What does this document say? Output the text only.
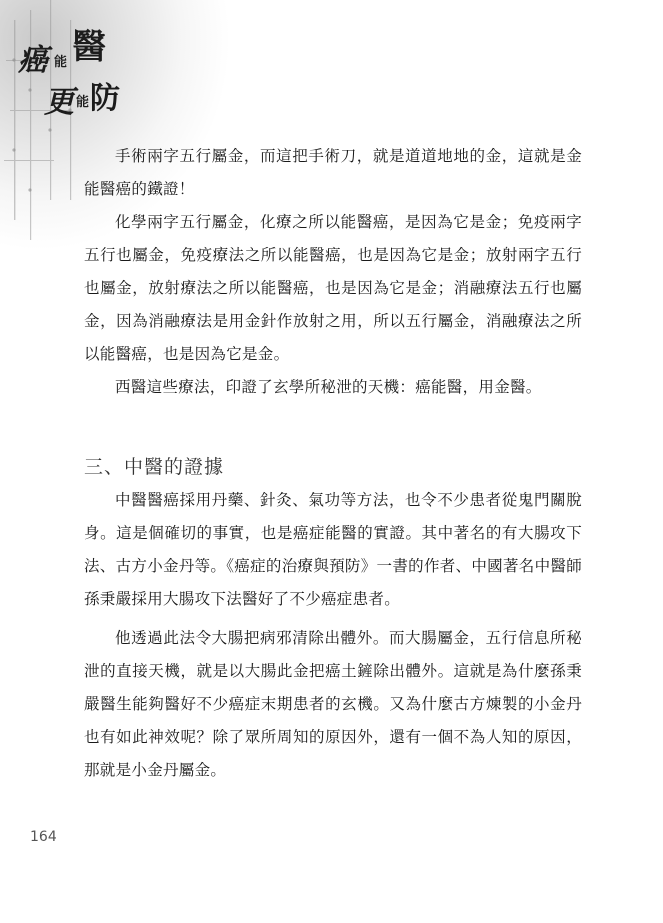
癌 能 醫
更 能 防

手術兩字五行屬金，而這把手術刀，就是道道地地的金，這就是金能醫癌的鐵證！

化學兩字五行屬金，化療之所以能醫癌，是因為它是金；免疫兩字五行也屬金，免疫療法之所以能醫癌，也是因為它是金；放射兩字五行也屬金，放射療法之所以能醫癌，也是因為它是金；消融療法五行也屬金，因為消融療法是用金針作放射之用，所以五行屬金，消融療法之所以能醫癌，也是因為它是金。

西醫這些療法，印證了玄學所秘泄的天機：癌能醫，用金醫。

三、中醫的證據

中醫醫癌採用丹藥、針灸、氣功等方法，也令不少患者從鬼門關脫身。這是個確切的事實，也是癌症能醫的實證。其中著名的有大腸攻下法、古方小金丹等。《癌症的治療與預防》一書的作者、中國著名中醫師孫秉嚴採用大腸攻下法醫好了不少癌症患者。

他透過此法令大腸把病邪清除出體外。而大腸屬金，五行信息所秘泄的直接天機，就是以大腸此金把癌土鏟除出體外。這就是為什麼孫秉嚴醫生能夠醫好不少癌症末期患者的玄機。又為什麼古方煉製的小金丹也有如此神效呢？除了眾所周知的原因外，還有一個不為人知的原因，那就是小金丹屬金。

164
